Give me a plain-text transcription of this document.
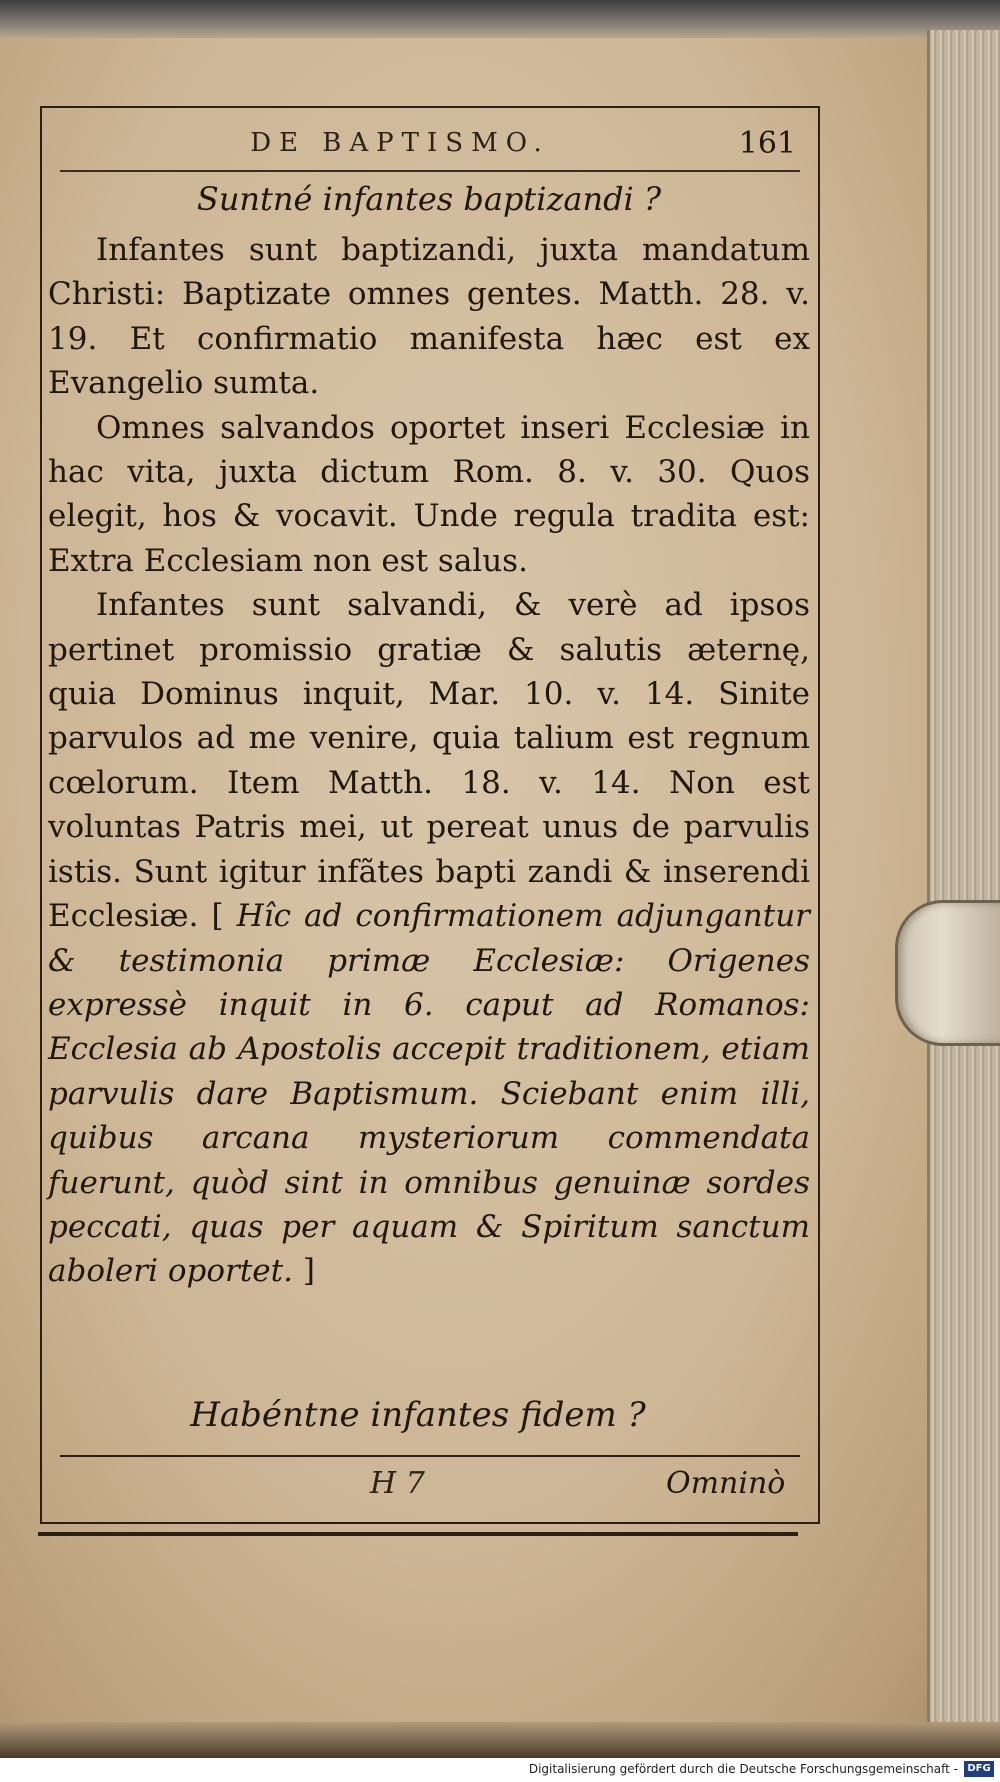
DE BAPTISMO.	161

Suntné infantes baptizandi ?

Infantes sunt baptizandi, juxta mandatum Christi: Baptizate omnes gentes. Matth. 28. v. 19. Et confirmatio manifesta hæc est ex Evangelio sumta.

Omnes salvandos oportet inseri Ecclesiæ in hac vita, juxta dictum Rom. 8. v. 30. Quos elegit, hos & vocavit. Unde regula tradita est: Extra Ecclesiam non est salus.

Infantes sunt salvandi, & verè ad ipsos pertinet promissio gratiæ & salutis æternę, quia Dominus inquit, Mar. 10. v. 14. Sinite parvulos ad me venire, quia talium est regnum cœlorum. Item Matth. 18. v. 14. Non est voluntas Patris mei, ut pereat unus de parvulis istis. Sunt igitur infãtes bapti zandi & inserendi Ecclesiæ. [ Hîc ad confirmationem adjungantur & testimonia primæ Ecclesiæ: Origenes expressè inquit in 6. caput ad Romanos: Ecclesia ab Apostolis accepit traditionem, etiam parvulis dare Baptismum. Sciebant enim illi, quibus arcana mysteriorum commendata fuerunt, quòd sint in omnibus genuinæ sordes peccati, quas per aquam & Spiritum sanctum aboleri oportet. ]

Habéntne infantes fidem ?
H 7	Omninò
Digitalisierung gefördert durch die Deutsche Forschungsgemeinschaft - DFG
